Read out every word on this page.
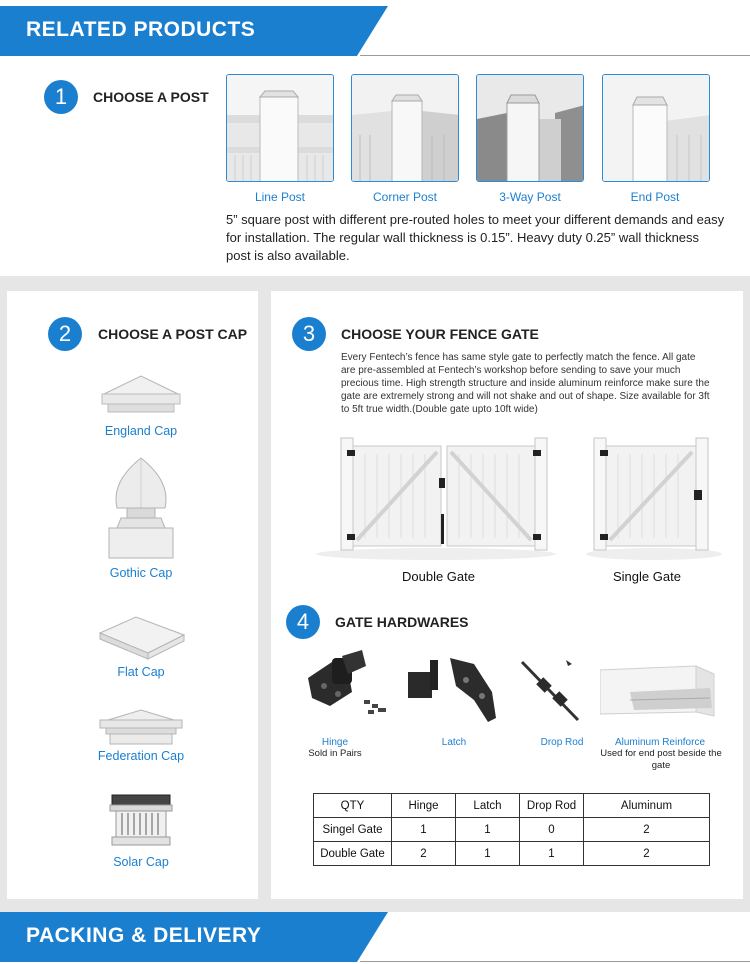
RELATED PRODUCTS
1	CHOOSE A POST
Line Post	Corner Post	3-Way Post	End Post
5” square post with different pre-routed holes to meet your different demands and easy for installation. The regular wall thickness is 0.15”. Heavy duty 0.25” wall thickness post is also available.
2	CHOOSE A POST CAP
England Cap
Gothic Cap
Flat Cap
Federation Cap
Solar Cap
3	CHOOSE YOUR FENCE GATE
Every Fentech’s fence has same style gate to perfectly match the fence. All gate are pre-assembled at Fentech’s workshop before sending to save your much precious time. High strength structure and inside aluminum reinforce make sure the gate are extremely strong and will not shake and out of shape. Size available for 3ft to 5ft true width.(Double gate upto 10ft wide)
Double Gate	Single Gate
4	GATE HARDWARES
Hinge
Sold in Pairs
Latch	Drop Rod	Aluminum Reinforce
Used for end post beside the gate
QTY	Hinge	Latch	Drop Rod	Aluminum
Singel Gate	1	1	0	2
Double Gate	2	1	1	2
PACKING & DELIVERY
